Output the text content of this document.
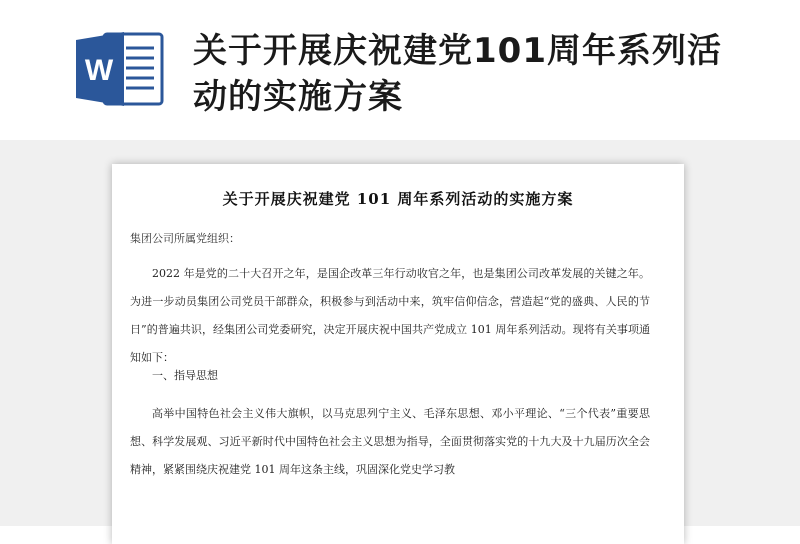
W 关于开展庆祝建党101周年系列活动的实施方案
关于开展庆祝建党 101 周年系列活动的实施方案
集团公司所属党组织：
2022 年是党的二十大召开之年，是国企改革三年行动收官之年，也是集团公司改革发展的关键之年。为进一步动员集团公司党员干部群众，积极参与到活动中来，筑牢信仰信念，营造起“党的盛典、人民的节日”的普遍共识，经集团公司党委研究，决定开展庆祝中国共产党成立 101 周年系列活动。现将有关事项通知如下：
一、指导思想
高举中国特色社会主义伟大旗帜，以马克思列宁主义、毛泽东思想、邓小平理论、“三个代表”重要思想、科学发展观、习近平新时代中国特色社会主义思想为指导，全面贯彻落实党的十九大及十九届历次全会精神，紧紧围绕庆祝建党 101 周年这条主线，巩固深化党史学习教
